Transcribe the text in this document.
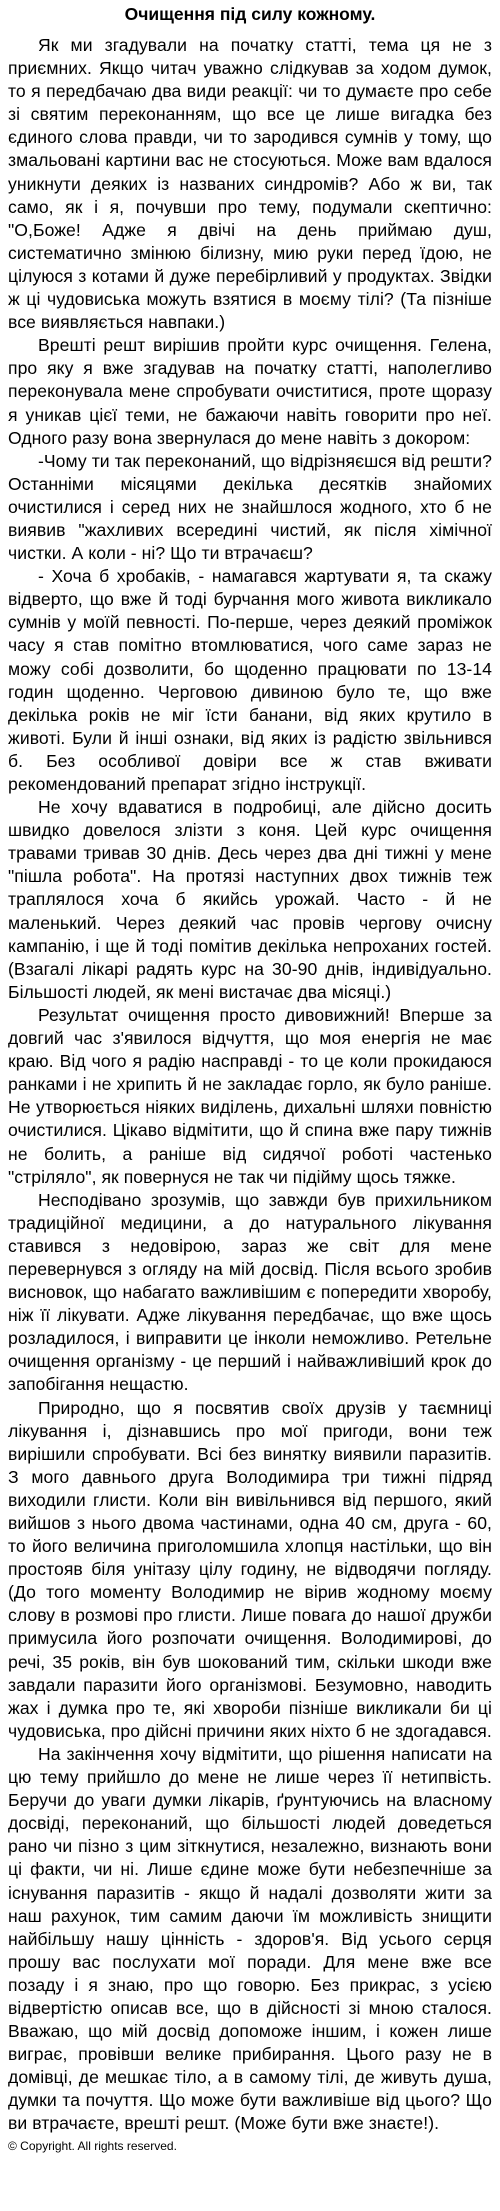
Очищення під силу кожному.

Як ми згадували на початку статті, тема ця не з приємних. Якщо читач уважно слідкував за ходом думок, то я передбачаю два види реакції: чи то думаєте про себе зі святим переконанням, що все це лише вигадка без єдиного слова правди, чи то зародився сумнів у тому, що змальовані картини вас не стосуються. Може вам вдалося уникнути деяких із названих синдромів? Або ж ви, так само, як і я, почувши про тему, подумали скептично: "О,Боже! Адже я двічі на день приймаю душ, систематично змінюю білизну, мию руки перед їдою, не цілуюся з котами й дуже перебірливий у продуктах. Звідки ж ці чудовиська можуть взятися в моєму тілі? (Та пізніше все виявляється навпаки.)

Врешті решт вирішив пройти курс очищення. Гелена, про яку я вже згадував на початку статті, наполегливо переконувала мене спробувати очиститися, проте щоразу я уникав цієї теми, не бажаючи навіть говорити про неї. Одного разу вона звернулася до мене навіть з докором:

-Чому ти так переконаний, що відрізняєшся від решти? Останніми місяцями декілька десятків знайомих очистилися і серед них не знайшлося жодного, хто б не виявив "жахливих всередині чистий, як після хімічної чистки. А коли - ні? Що ти втрачаєш?

- Хоча б хробаків, - намагався жартувати я, та скажу відверто, що вже й тоді бурчання мого живота викликало сумнів у моїй певності. По-перше, через деякий проміжок часу я став помітно втомлюватися, чого саме зараз не можу собі дозволити, бо щоденно працювати по 13-14 годин щоденно. Черговою дивиною було те, що вже декілька років не міг їсти банани, від яких крутило в животі. Були й інші ознаки, від яких із радістю звільнився б. Без особливої довіри все ж став вживати рекомендований препарат згідно інструкції.

Не хочу вдаватися в подробиці, але дійсно досить швидко довелося злізти з коня. Цей курс очищення травами тривав 30 днів. Десь через два дні тижні у мене "пішла робота". На протязі наступних двох тижнів теж траплялося хоча б якийсь урожай. Часто - й не маленький. Через деякий час провів чергову очисну кампанію, і ще й тоді помітив декілька непроханих гостей. (Взагалі лікарі радять курс на 30-90 днів, індивідуально. Більшості людей, як мені вистачає два місяці.)

Результат очищення просто дивовижний! Вперше за довгий час з'явилося відчуття, що моя енергія не має краю. Від чого я радію насправді - то це коли прокидаюся ранками і не хрипить й не закладає горло, як було раніше. Не утворюється ніяких виділень, дихальні шляхи повністю очистилися. Цікаво відмітити, що й спина вже пару тижнів не болить, а раніше від сидячої роботі частенько "стріляло", як повернуся не так чи підійму щось тяжке.

Несподівано зрозумів, що завжди був прихильником традиційної медицини, а до натурального лікування ставився з недовірою, зараз же світ для мене перевернувся з огляду на мій досвід. Після всього зробив висновок, що набагато важливішим є попередити хворобу, ніж її лікувати. Адже лікування передбачає, що вже щось розладилося, і виправити це інколи неможливо. Ретельне очищення організму - це перший і найважливіший крок до запобігання нещастю.

Природно, що я посвятив своїх друзів у таємниці лікування і, дізнавшись про мої пригоди, вони теж вирішили спробувати. Всі без винятку виявили паразитів. З мого давнього друга Володимира три тижні підряд виходили глисти. Коли він вивільнився від першого, який вийшов з нього двома частинами, одна 40 см, друга - 60, то його величина приголомшила хлопця настільки, що він простояв біля унітазу цілу годину, не відводячи погляду. (До того моменту Володимир не вірив жодному моєму слову в розмові про глисти. Лише повага до нашої дружби примусила його розпочати очищення. Володимирові, до речі, 35 років, він був шокований тим, скільки шкоди вже завдали паразити його організмові. Безумовно, наводить жах і думка про те, які хвороби пізніше викликали би ці чудовиська, про дійсні причини яких ніхто б не здогадався.

На закінчення хочу відмітити, що рішення написати на цю тему прийшло до мене не лише через її нетипвість. Беручи до уваги думки лікарів, ґрунтуючись на власному досвіді, переконаний, що більшості людей доведеться рано чи пізно з цим зіткнутися, незалежно, визнають вони ці факти, чи ні. Лише єдине може бути небезпечніше за існування паразитів - якщо й надалі дозволяти жити за наш рахунок, тим самим даючи їм можливість знищити найбільшу нашу цінність - здоров'я. Від усього серця прошу вас послухати мої поради. Для мене вже все позаду і я знаю, про що говорю. Без прикрас, з усією відвертістю описав все, що в дійсності зі мною сталося. Вважаю, що мій досвід допоможе іншим, і кожен лише виграє, провівши велике прибирання. Цього разу не в домівці, де мешкає тіло, а в самому тілі, де живуть душа, думки та почуття. Що може бути важливіше від цього? Що ви втрачаєте, врешті решт. (Може бути вже знаєте!).

© Copyright. All rights reserved.
